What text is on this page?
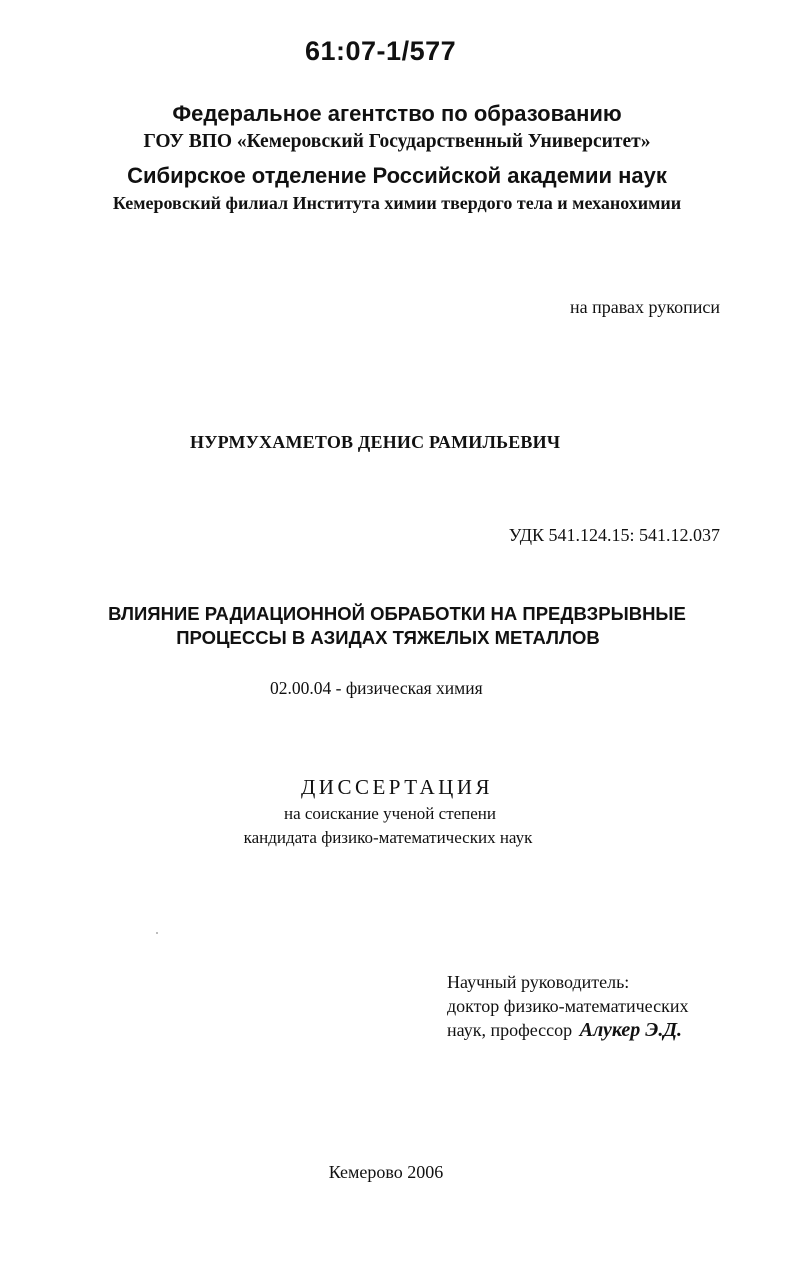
61:07-1/577
Федеральное агентство по образованию
ГОУ ВПО «Кемеровский Государственный Университет»
Сибирское отделение Российской академии наук
Кемеровский филиал Института химии твердого тела и механохимии
на правах рукописи
НУРМУХАМЕТОВ ДЕНИС РАМИЛЬЕВИЧ
УДК 541.124.15: 541.12.037
ВЛИЯНИЕ РАДИАЦИОННОЙ ОБРАБОТКИ НА ПРЕДВЗРЫВНЫЕ
ПРОЦЕССЫ В АЗИДАХ ТЯЖЕЛЫХ МЕТАЛЛОВ
02.00.04 - физическая химия
ДИССЕРТАЦИЯ
на соискание ученой степени
кандидата физико-математических наук
Научный руководитель:
доктор физико-математических
наук, профессор Алукер Э.Д.
Кемерово 2006
